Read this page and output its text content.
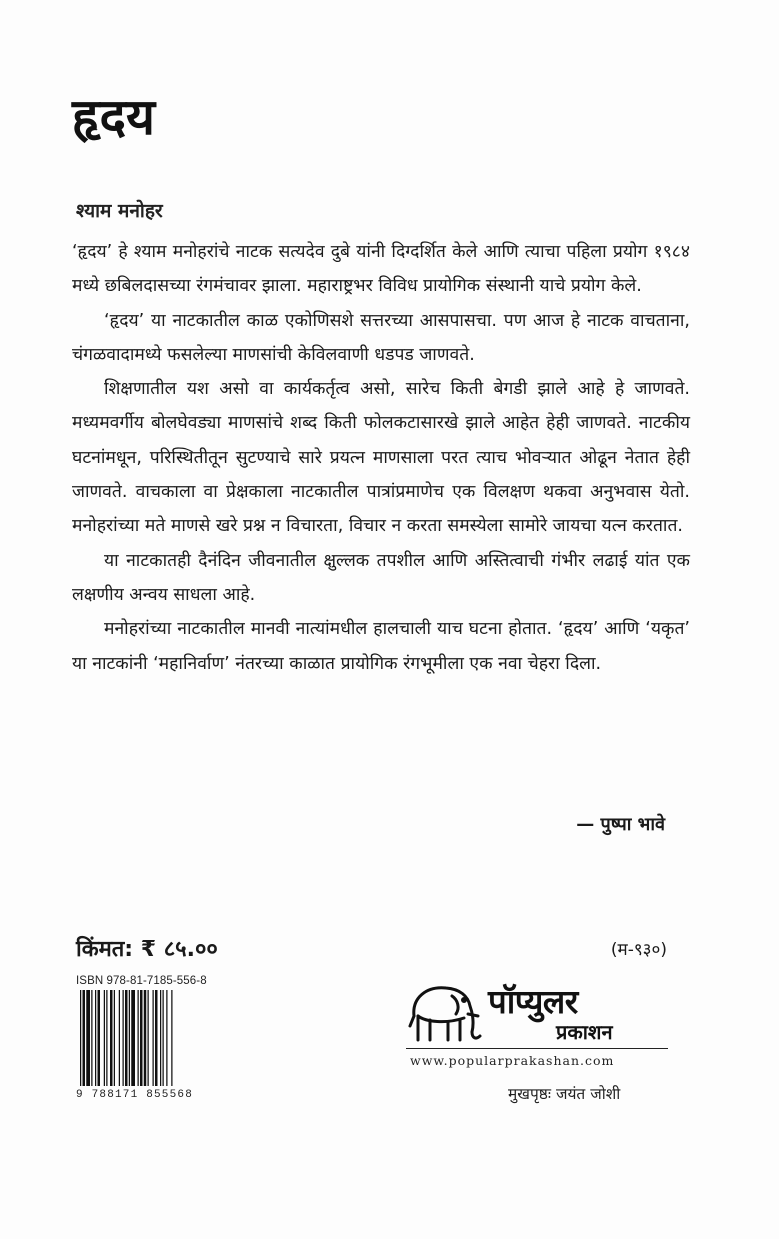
हृदय
श्याम मनोहर

‘हृदय’ हे श्याम मनोहरांचे नाटक सत्यदेव दुबे यांनी दिग्दर्शित केले आणि त्याचा पहिला प्रयोग १९८४ मध्ये छबिलदासच्या रंगमंचावर झाला. महाराष्ट्रभर विविध प्रायोगिक संस्थानी याचे प्रयोग केले.

‘हृदय’ या नाटकातील काळ एकोणिसशे सत्तरच्या आसपासचा. पण आज हे नाटक वाचताना, चंगळवादामध्ये फसलेल्या माणसांची केविलवाणी धडपड जाणवते.

शिक्षणातील यश असो वा कार्यकर्तृत्व असो, सारेच किती बेगडी झाले आहे हे जाणवते. मध्यमवर्गीय बोलघेवड्या माणसांचे शब्द किती फोलकटासारखे झाले आहेत हेही जाणवते. नाटकीय घटनांमधून, परिस्थितीतून सुटण्याचे सारे प्रयत्न माणसाला परत त्याच भोवऱ्यात ओढून नेतात हेही जाणवते. वाचकाला वा प्रेक्षकाला नाटकातील पात्रांप्रमाणेच एक विलक्षण थकवा अनुभवास येतो. मनोहरांच्या मते माणसे खरे प्रश्न न विचारता, विचार न करता समस्येला सामोरे जायचा यत्न करतात.

या नाटकातही दैनंदिन जीवनातील क्षुल्लक तपशील आणि अस्तित्वाची गंभीर लढाई यांत एक लक्षणीय अन्वय साधला आहे.

मनोहरांच्या नाटकातील मानवी नात्यांमधील हालचाली याच घटना होतात. ‘हृदय’ आणि ‘यकृत’ या नाटकांनी ‘महानिर्वाण’ नंतरच्या काळात प्रायोगिक रंगभूमीला एक नवा चेहरा दिला.

— पुष्पा भावे
किंमत: ₹ ८५.००	(म-९३०)
ISBN 978-81-7185-556-8
9 788171 855568
पॉप्युलर
प्रकाशन
www.popularprakashan.com
मुखपृष्ठः जयंत जोशी
